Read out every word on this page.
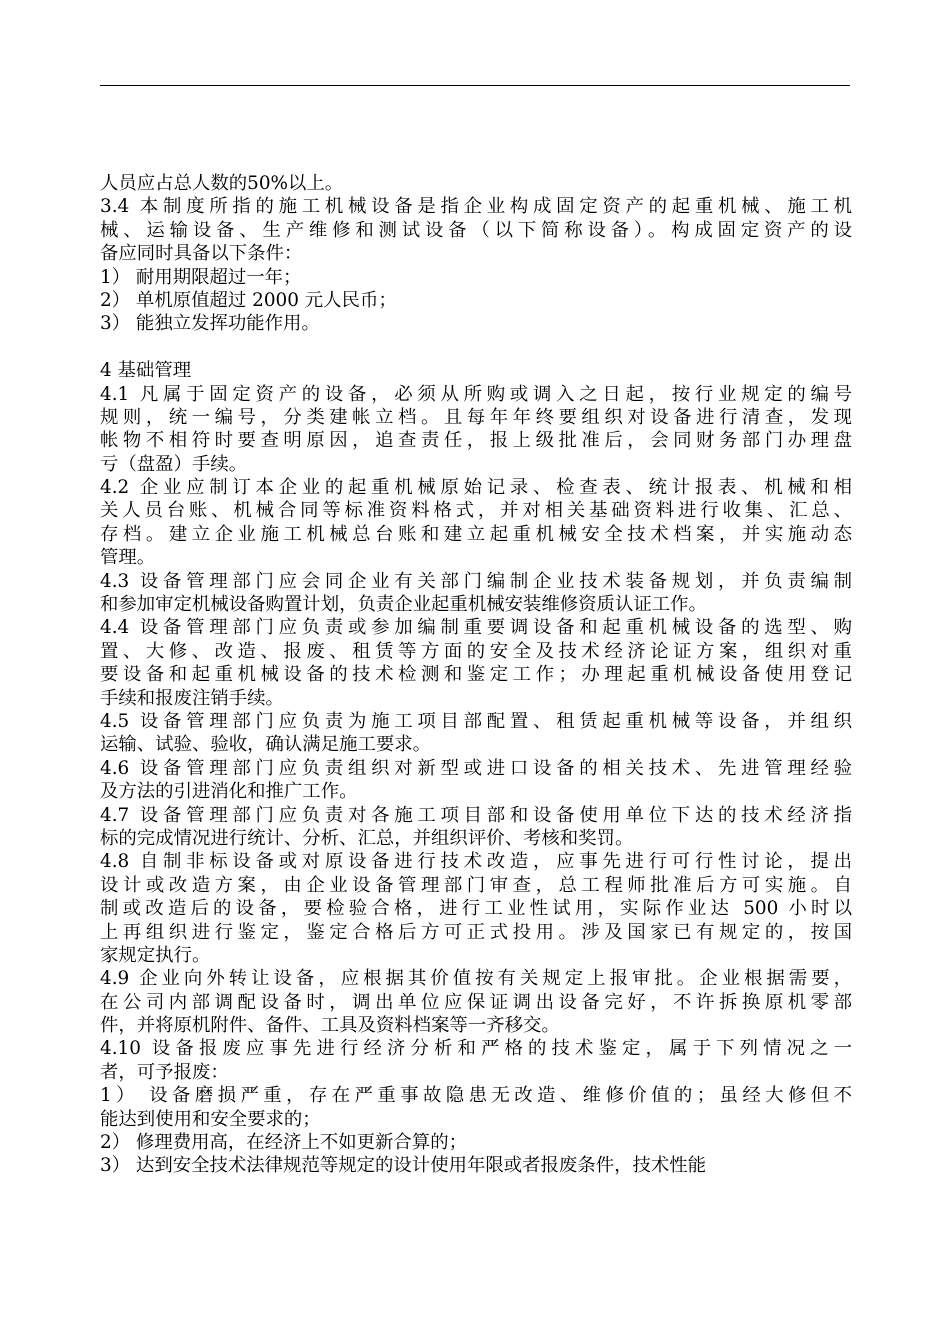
人员应占总人数的50%以上。
3.4 本制度所指的施工机械设备是指企业构成固定资产的起重机械、施工机
械、运输设备、生产维修和测试设备（以下简称设备）。构成固定资产的设
备应同时具备以下条件：
1） 耐用期限超过一年；
2） 单机原值超过 2000 元人民币；
3） 能独立发挥功能作用。
4 基础管理
4.1 凡属于固定资产的设备，必须从所购或调入之日起，按行业规定的编号
规则，统一编号，分类建帐立档。且每年年终要组织对设备进行清查，发现
帐物不相符时要查明原因，追查责任，报上级批准后，会同财务部门办理盘
亏（盘盈）手续。
4.2 企业应制订本企业的起重机械原始记录、检查表、统计报表、机械和相
关人员台账、机械合同等标准资料格式，并对相关基础资料进行收集、汇总、
存档。建立企业施工机械总台账和建立起重机械安全技术档案，并实施动态
管理。
4.3 设备管理部门应会同企业有关部门编制企业技术装备规划，并负责编制
和参加审定机械设备购置计划，负责企业起重机械安装维修资质认证工作。
4.4 设备管理部门应负责或参加编制重要调设备和起重机械设备的选型、购
置、大修、改造、报废、租赁等方面的安全及技术经济论证方案，组织对重
要设备和起重机械设备的技术检测和鉴定工作；办理起重机械设备使用登记
手续和报废注销手续。
4.5 设备管理部门应负责为施工项目部配置、租赁起重机械等设备，并组织
运输、试验、验收，确认满足施工要求。
4.6 设备管理部门应负责组织对新型或进口设备的相关技术、先进管理经验
及方法的引进消化和推广工作。
4.7 设备管理部门应负责对各施工项目部和设备使用单位下达的技术经济指
标的完成情况进行统计、分析、汇总，并组织评价、考核和奖罚。
4.8 自制非标设备或对原设备进行技术改造，应事先进行可行性讨论，提出
设计或改造方案，由企业设备管理部门审查，总工程师批准后方可实施。自
制或改造后的设备，要检验合格，进行工业性试用，实际作业达 500 小时以
上再组织进行鉴定，鉴定合格后方可正式投用。涉及国家已有规定的，按国
家规定执行。
4.9 企业向外转让设备，应根据其价值按有关规定上报审批。企业根据需要，
在公司内部调配设备时，调出单位应保证调出设备完好，不许拆换原机零部
件，并将原机附件、备件、工具及资料档案等一齐移交。
4.10 设备报废应事先进行经济分析和严格的技术鉴定，属于下列情况之一
者，可予报废：
1） 设备磨损严重，存在严重事故隐患无改造、维修价值的；虽经大修但不
能达到使用和安全要求的；
2） 修理费用高，在经济上不如更新合算的；
3） 达到安全技术法律规范等规定的设计使用年限或者报废条件，技术性能
